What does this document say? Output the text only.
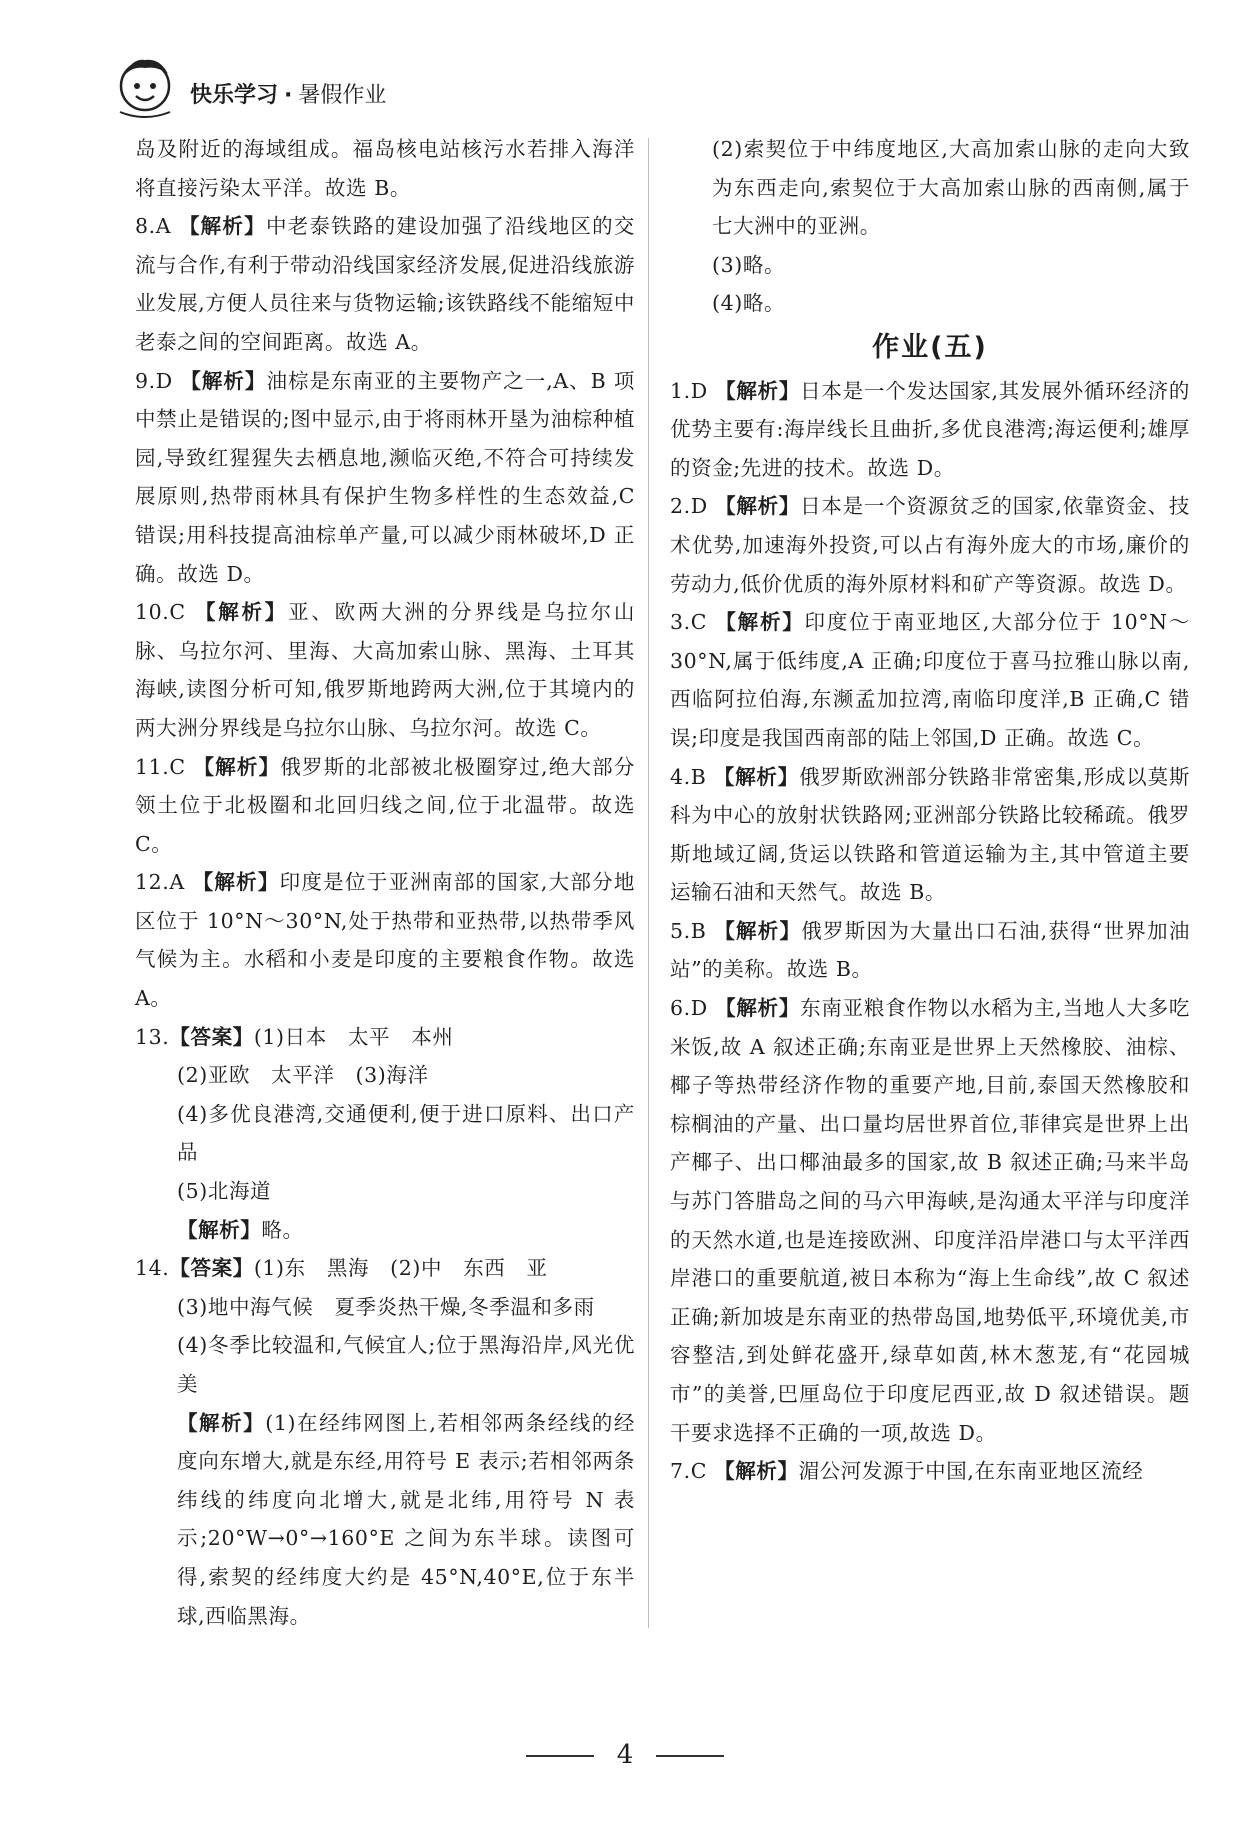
快乐学习 · 暑假作业

岛及附近的海域组成。福岛核电站核污水若排入海洋将直接污染太平洋。故选 B。

8.A 【解析】中老泰铁路的建设加强了沿线地区的交流与合作,有利于带动沿线国家经济发展,促进沿线旅游业发展,方便人员往来与货物运输;该铁路线不能缩短中老泰之间的空间距离。故选 A。

9.D 【解析】油棕是东南亚的主要物产之一,A、B 项中禁止是错误的;图中显示,由于将雨林开垦为油棕种植园,导致红猩猩失去栖息地,濒临灭绝,不符合可持续发展原则,热带雨林具有保护生物多样性的生态效益,C 错误;用科技提高油棕单产量,可以减少雨林破坏,D 正确。故选 D。

10.C 【解析】亚、欧两大洲的分界线是乌拉尔山脉、乌拉尔河、里海、大高加索山脉、黑海、土耳其海峡,读图分析可知,俄罗斯地跨两大洲,位于其境内的两大洲分界线是乌拉尔山脉、乌拉尔河。故选 C。

11.C 【解析】俄罗斯的北部被北极圈穿过,绝大部分领土位于北极圈和北回归线之间,位于北温带。故选 C。

12.A 【解析】印度是位于亚洲南部的国家,大部分地区位于 10°N～30°N,处于热带和亚热带,以热带季风气候为主。水稻和小麦是印度的主要粮食作物。故选 A。

13.【答案】(1)日本　太平　本州

(2)亚欧　太平洋　(3)海洋

(4)多优良港湾,交通便利,便于进口原料、出口产品

(5)北海道

【解析】略。

14.【答案】(1)东　黑海　(2)中　东西　亚

(3)地中海气候　夏季炎热干燥,冬季温和多雨

(4)冬季比较温和,气候宜人;位于黑海沿岸,风光优美

【解析】(1)在经纬网图上,若相邻两条经线的经度向东增大,就是东经,用符号 E 表示;若相邻两条纬线的纬度向北增大,就是北纬,用符号 N 表示;20°W→0°→160°E 之间为东半球。读图可得,索契的经纬度大约是 45°N,40°E,位于东半球,西临黑海。

(2)索契位于中纬度地区,大高加索山脉的走向大致为东西走向,索契位于大高加索山脉的西南侧,属于七大洲中的亚洲。

(3)略。

(4)略。

作业(五)

1.D 【解析】日本是一个发达国家,其发展外循环经济的优势主要有:海岸线长且曲折,多优良港湾;海运便利;雄厚的资金;先进的技术。故选 D。

2.D 【解析】日本是一个资源贫乏的国家,依靠资金、技术优势,加速海外投资,可以占有海外庞大的市场,廉价的劳动力,低价优质的海外原材料和矿产等资源。故选 D。

3.C 【解析】印度位于南亚地区,大部分位于 10°N～30°N,属于低纬度,A 正确;印度位于喜马拉雅山脉以南,西临阿拉伯海,东濒孟加拉湾,南临印度洋,B 正确,C 错误;印度是我国西南部的陆上邻国,D 正确。故选 C。

4.B 【解析】俄罗斯欧洲部分铁路非常密集,形成以莫斯科为中心的放射状铁路网;亚洲部分铁路比较稀疏。俄罗斯地域辽阔,货运以铁路和管道运输为主,其中管道主要运输石油和天然气。故选 B。

5.B 【解析】俄罗斯因为大量出口石油,获得“世界加油站”的美称。故选 B。

6.D 【解析】东南亚粮食作物以水稻为主,当地人大多吃米饭,故 A 叙述正确;东南亚是世界上天然橡胶、油棕、椰子等热带经济作物的重要产地,目前,泰国天然橡胶和棕榈油的产量、出口量均居世界首位,菲律宾是世界上出产椰子、出口椰油最多的国家,故 B 叙述正确;马来半岛与苏门答腊岛之间的马六甲海峡,是沟通太平洋与印度洋的天然水道,也是连接欧洲、印度洋沿岸港口与太平洋西岸港口的重要航道,被日本称为“海上生命线”,故 C 叙述正确;新加坡是东南亚的热带岛国,地势低平,环境优美,市容整洁,到处鲜花盛开,绿草如茵,林木葱茏,有“花园城市”的美誉,巴厘岛位于印度尼西亚,故 D 叙述错误。题干要求选择不正确的一项,故选 D。

7.C 【解析】湄公河发源于中国,在东南亚地区流经

4
